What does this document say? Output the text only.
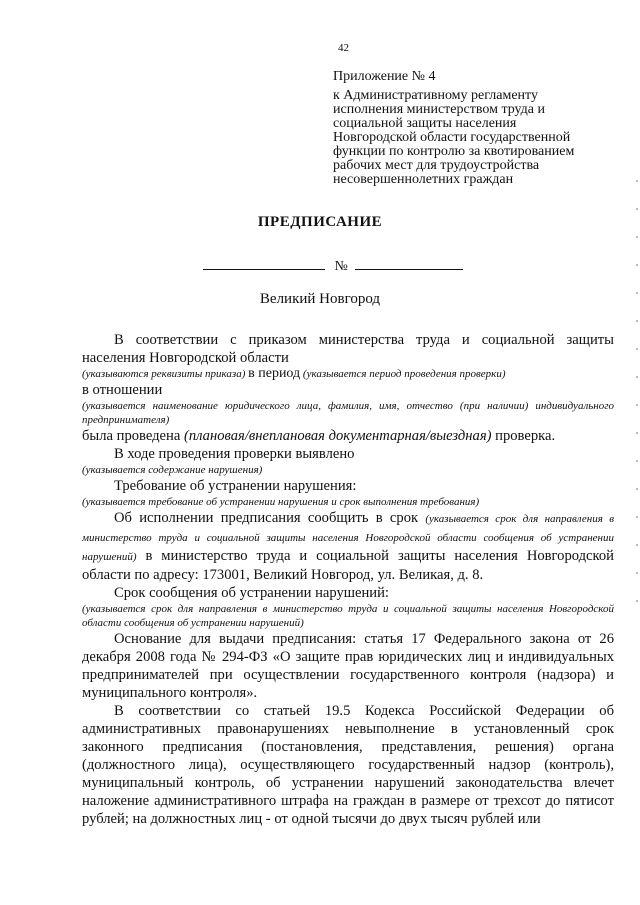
42
Приложение № 4
к Административному регламенту
исполнения министерством труда и
социальной защиты населения
Новгородской области государственной
функции по контролю за квотированием
рабочих мест для трудоустройства
несовершеннолетних граждан
ПРЕДПИСАНИЕ
№
Великий Новгород

В соответствии с приказом министерства труда и социальной защиты населения Новгородской области

(указываются реквизиты приказа) в период (указывается период проведения проверки)

в отношении

(указывается наименование юридического лица, фамилия, имя, отчество (при наличии) индивидуального предпринимателя)

была проведена (плановая/внеплановая документарная/выездная) проверка.

В ходе проведения проверки выявлено

(указывается содержание нарушения)

Требование об устранении нарушения:

(указывается требование об устранении нарушения и срок выполнения требования)

Об исполнении предписания сообщить в срок (указывается срок для направления в министерство труда и социальной защиты населения Новгородской области сообщения об устранении нарушений) в министерство труда и социальной защиты населения Новгородской области по адресу: 173001, Великий Новгород, ул. Великая, д. 8.

Срок сообщения об устранении нарушений:

(указывается срок для направления в министерство труда и социальной защиты населения Новгородской области сообщения об устранении нарушений)

Основание для выдачи предписания: статья 17 Федерального закона от 26 декабря 2008 года № 294-ФЗ «О защите прав юридических лиц и индивидуальных предпринимателей при осуществлении государственного контроля (надзора) и муниципального контроля».

В соответствии со статьей 19.5 Кодекса Российской Федерации об административных правонарушениях невыполнение в установленный срок законного предписания (постановления, представления, решения) органа (должностного лица), осуществляющего государственный надзор (контроль), муниципальный контроль, об устранении нарушений законодательства влечет наложение административного штрафа на граждан в размере от трехсот до пятисот рублей; на должностных лиц - от одной тысячи до двух тысяч рублей или
